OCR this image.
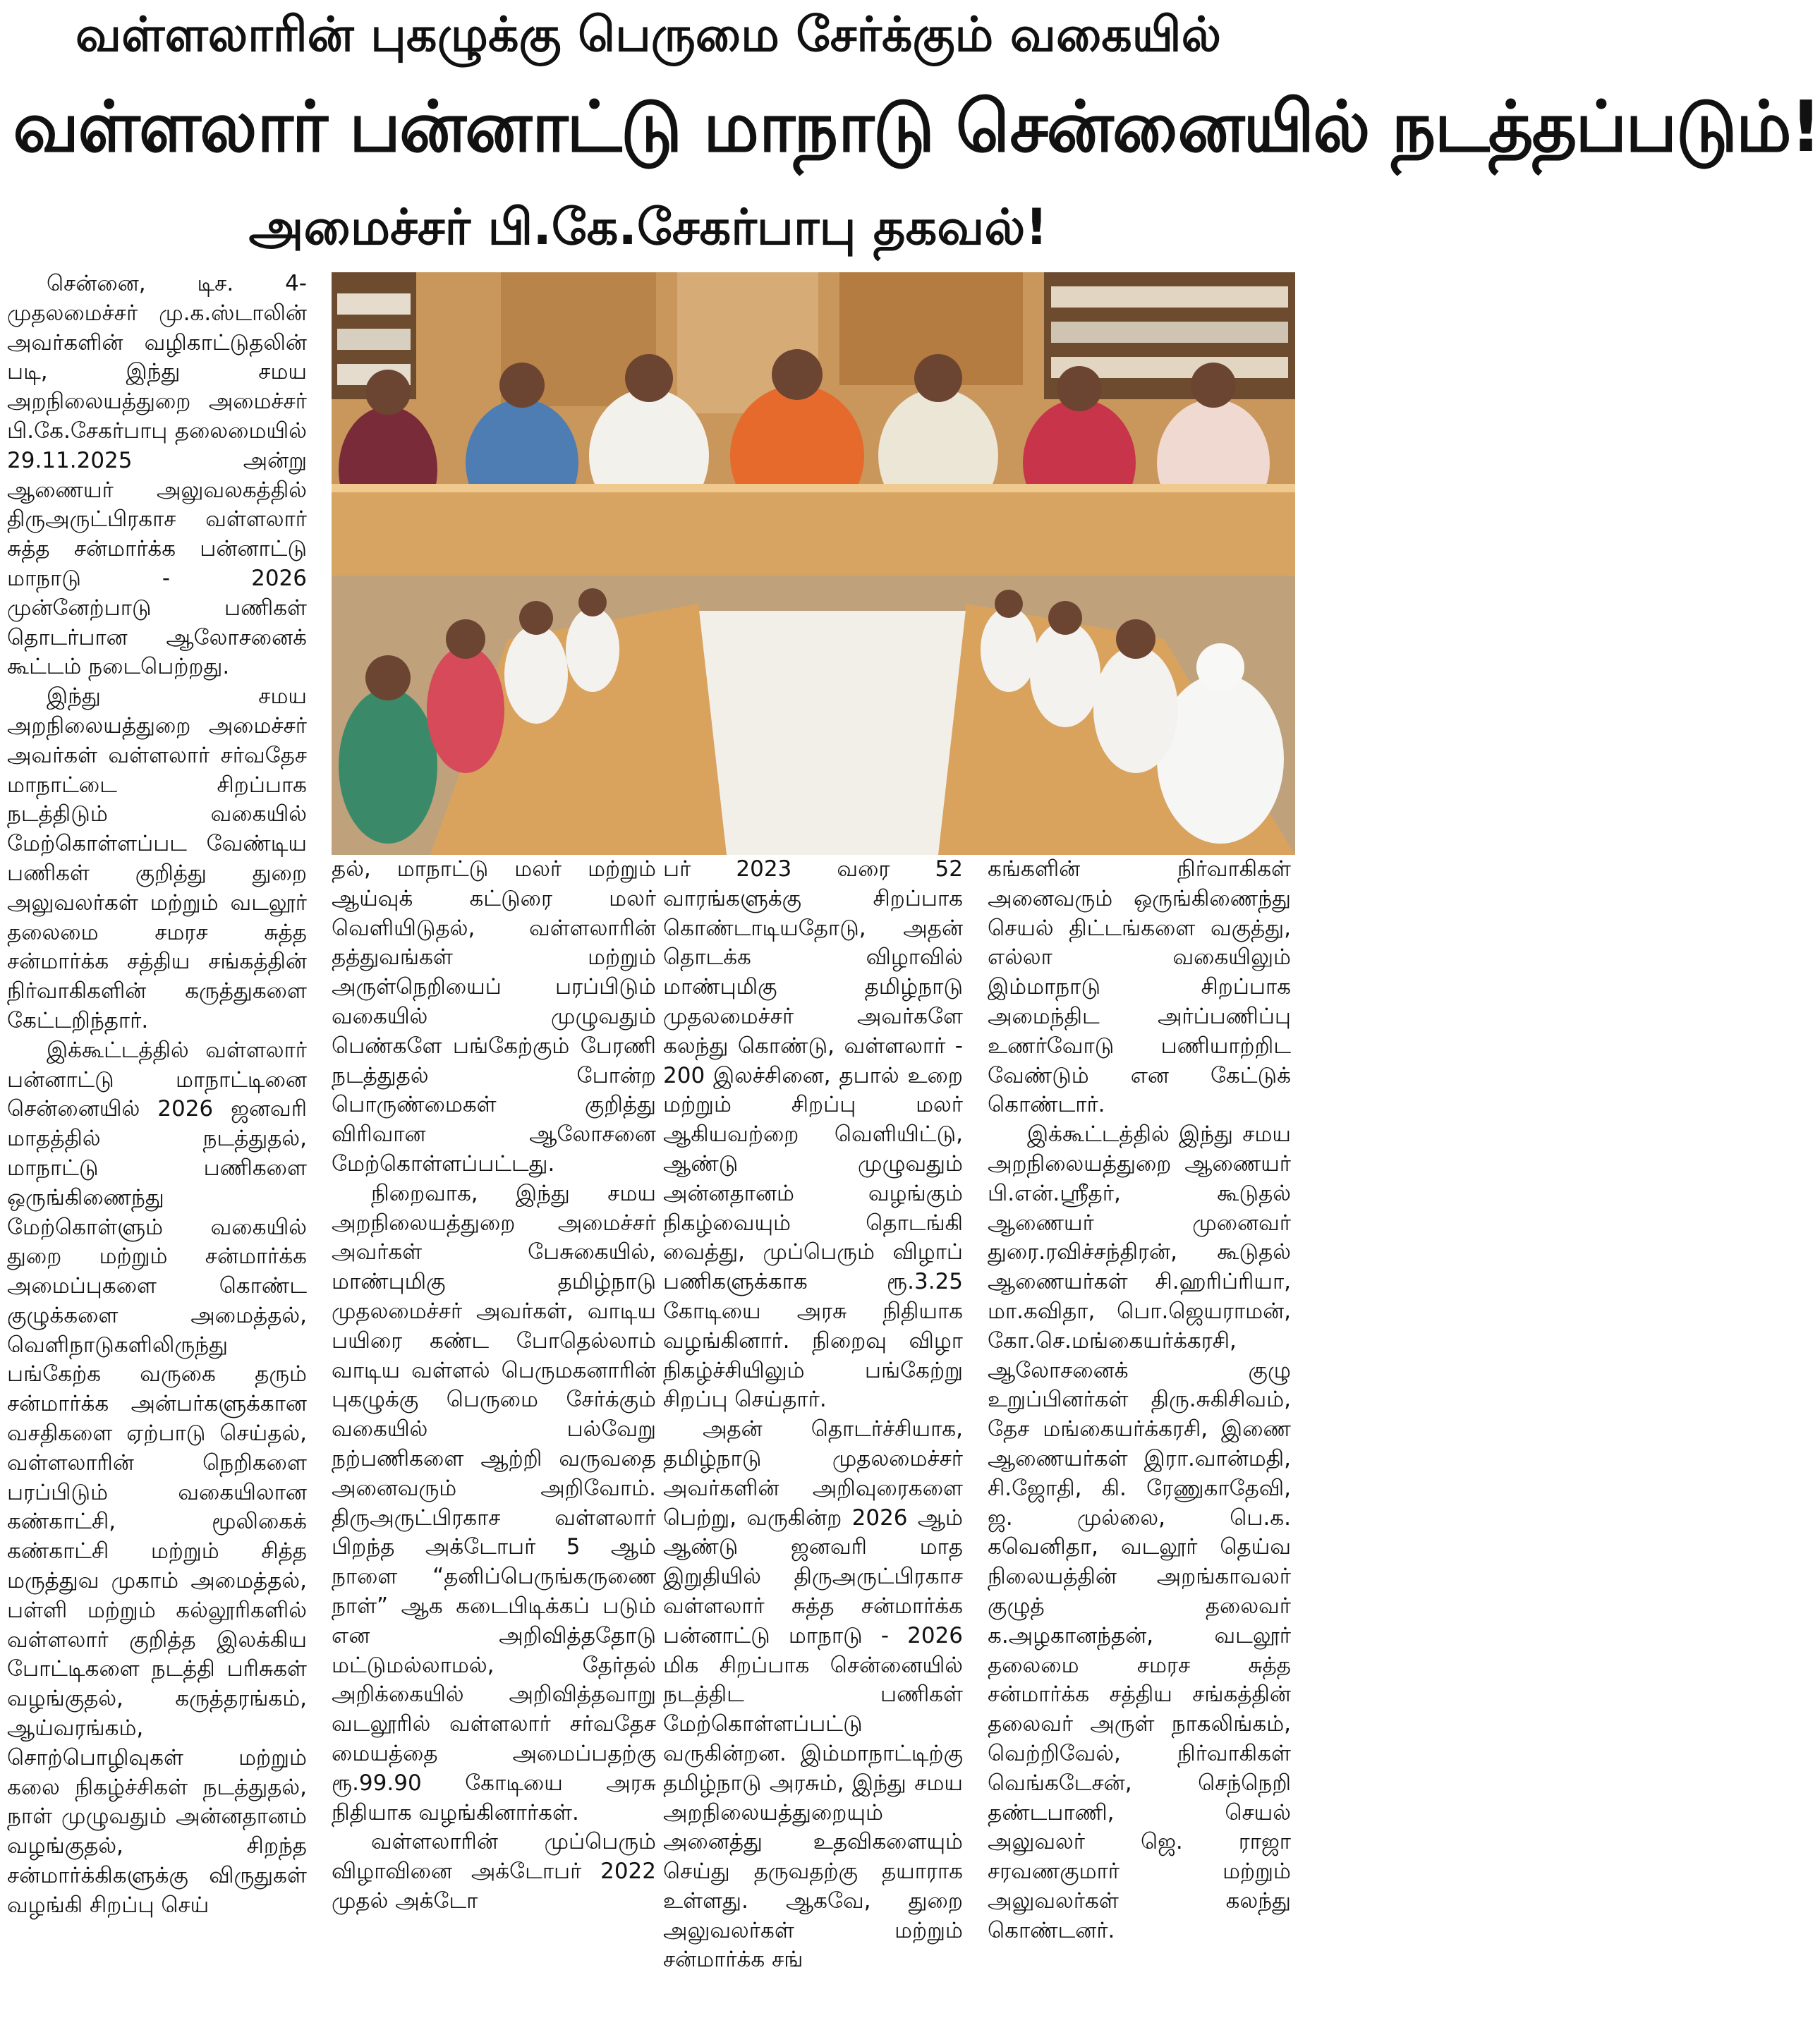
வள்ளலாரின் புகழுக்கு பெருமை சேர்க்கும் வகையில்
வள்ளலார் பன்னாட்டு மாநாடு சென்னையில் நடத்தப்படும்!
அமைச்சர் பி.கே.சேகர்பாபு தகவல்!

சென்னை, டிச. 4- முதலமைச்சர் மு.க.ஸ்டாலின் அவர்களின் வழிகாட்டுதலின் படி, இந்து சமய அறநிலையத்துறை அமைச்சர் பி.கே.சேகர்பாபு தலைமையில் 29.11.2025 அன்று ஆணையர் அலுவலகத்தில் திருஅருட்பிரகாச வள்ளலார் சுத்த சன்மார்க்க பன்னாட்டு மாநாடு - 2026 முன்னேற்பாடு பணிகள் தொடர்பான ஆலோசனைக் கூட்டம் நடைபெற்றது.

இந்து சமய அறநிலையத்துறை அமைச்சர் அவர்கள் வள்ளலார் சர்வதேச மாநாட்டை சிறப்பாக நடத்திடும் வகையில் மேற்கொள்ளப்பட வேண்டிய பணிகள் குறித்து துறை அலுவலர்கள் மற்றும் வடலூர் தலைமை சமரச சுத்த சன்மார்க்க சத்திய சங்கத்தின் நிர்வாகிகளின் கருத்துகளை கேட்டறிந்தார்.

இக்கூட்டத்தில் வள்ளலார் பன்னாட்டு மாநாட்டினை சென்னையில் 2026 ஜனவரி மாதத்தில் நடத்துதல், மாநாட்டு பணிகளை ஒருங்கிணைந்து மேற்கொள்ளும் வகையில் துறை மற்றும் சன்மார்க்க அமைப்புகளை கொண்ட குழுக்களை அமைத்தல், வெளிநாடுகளிலிருந்து பங்கேற்க வருகை தரும் சன்மார்க்க அன்பர்களுக்கான வசதிகளை ஏற்பாடு செய்தல், வள்ளலாரின் நெறிகளை பரப்பிடும் வகையிலான கண்காட்சி, மூலிகைக் கண்காட்சி மற்றும் சித்த மருத்துவ முகாம் அமைத்தல், பள்ளி மற்றும் கல்லூரிகளில் வள்ளலார் குறித்த இலக்கிய போட்டிகளை நடத்தி பரிசுகள் வழங்குதல், கருத்தரங்கம், ஆய்வரங்கம், சொற்பொழிவுகள் மற்றும் கலை நிகழ்ச்சிகள் நடத்துதல், நாள் முழுவதும் அன்னதானம் வழங்குதல், சிறந்த சன்மார்க்கிகளுக்கு விருதுகள் வழங்கி சிறப்பு செய்

தல், மாநாட்டு மலர் மற்றும் ஆய்வுக் கட்டுரை மலர் வெளியிடுதல், வள்ளலாரின் தத்துவங்கள் மற்றும் அருள்நெறியைப் பரப்பிடும் வகையில் முழுவதும் பெண்களே பங்கேற்கும் பேரணி நடத்துதல் போன்ற பொருண்மைகள் குறித்து விரிவான ஆலோசனை மேற்கொள்ளப்பட்டது.

நிறைவாக, இந்து சமய அறநிலையத்துறை அமைச்சர் அவர்கள் பேசுகையில், மாண்புமிகு தமிழ்நாடு முதலமைச்சர் அவர்கள், வாடிய பயிரை கண்ட போதெல்லாம் வாடிய வள்ளல் பெருமகனாரின் புகழுக்கு பெருமை சேர்க்கும் வகையில் பல்வேறு நற்பணிகளை ஆற்றி வருவதை அனைவரும் அறிவோம். திருஅருட்பிரகாச வள்ளலார் பிறந்த அக்டோபர் 5 ஆம் நாளை “தனிப்பெருங்கருணை நாள்” ஆக கடைபிடிக்கப் படும் என அறிவித்ததோடு மட்டுமல்லாமல், தேர்தல் அறிக்கையில் அறிவித்தவாறு வடலூரில் வள்ளலார் சர்வதேச மையத்தை அமைப்பதற்கு ரூ.99.90 கோடியை அரசு நிதியாக வழங்கினார்கள்.

வள்ளலாரின் முப்பெரும் விழாவினை அக்டோபர் 2022 முதல் அக்டோ

பர் 2023 வரை 52 வாரங்களுக்கு சிறப்பாக கொண்டாடியதோடு, அதன் தொடக்க விழாவில் மாண்புமிகு தமிழ்நாடு முதலமைச்சர் அவர்களே கலந்து கொண்டு, வள்ளலார் - 200 இலச்சினை, தபால் உறை மற்றும் சிறப்பு மலர் ஆகியவற்றை வெளியிட்டு, ஆண்டு முழுவதும் அன்னதானம் வழங்கும் நிகழ்வையும் தொடங்கி வைத்து, முப்பெரும் விழாப் பணிகளுக்காக ரூ.3.25 கோடியை அரசு நிதியாக வழங்கினார். நிறைவு விழா நிகழ்ச்சியிலும் பங்கேற்று சிறப்பு செய்தார்.

அதன் தொடர்ச்சியாக, தமிழ்நாடு முதலமைச்சர் அவர்களின் அறிவுரைகளை பெற்று, வருகின்ற 2026 ஆம் ஆண்டு ஜனவரி மாத இறுதியில் திருஅருட்பிரகாச வள்ளலார் சுத்த சன்மார்க்க பன்னாட்டு மாநாடு - 2026 மிக சிறப்பாக சென்னையில் நடத்திட பணிகள் மேற்கொள்ளப்பட்டு வருகின்றன. இம்மாநாட்டிற்கு தமிழ்நாடு அரசும், இந்து சமய அறநிலையத்துறையும் அனைத்து உதவிகளையும் செய்து தருவதற்கு தயாராக உள்ளது. ஆகவே, துறை அலுவலர்கள் மற்றும் சன்மார்க்க சங்

கங்களின் நிர்வாகிகள் அனைவரும் ஒருங்கிணைந்து செயல் திட்டங்களை வகுத்து, எல்லா வகையிலும் இம்மாநாடு சிறப்பாக அமைந்திட அர்ப்பணிப்பு உணர்வோடு பணியாற்றிட வேண்டும் என கேட்டுக் கொண்டார்.

இக்கூட்டத்தில் இந்து சமய அறநிலையத்துறை ஆணையர் பி.என்.ஸ்ரீதர், கூடுதல் ஆணையர் முனைவர் துரை.ரவிச்சந்திரன், கூடுதல் ஆணையர்கள் சி.ஹரிப்ரியா, மா.கவிதா, பொ.ஜெயராமன், கோ.செ.மங்கையர்க்கரசி, ஆலோசனைக் குழு உறுப்பினர்கள் திரு.சுகிசிவம், தேச மங்கையர்க்கரசி, இணை ஆணையர்கள் இரா.வான்மதி, சி.ஜோதி, கி. ரேணுகாதேவி, ஜ. முல்லை, பெ.க. கவெனிதா, வடலூர் தெய்வ நிலையத்தின் அறங்காவலர் குழுத் தலைவர் க.அழகானந்தன், வடலூர் தலைமை சமரச சுத்த சன்மார்க்க சத்திய சங்கத்தின் தலைவர் அருள் நாகலிங்கம், வெற்றிவேல், நிர்வாகிகள் வெங்கடேசன், செந்நெறி தண்டபாணி, செயல் அலுவலர் ஜெ. ராஜா சரவணகுமார் மற்றும் அலுவலர்கள் கலந்து கொண்டனர்.
